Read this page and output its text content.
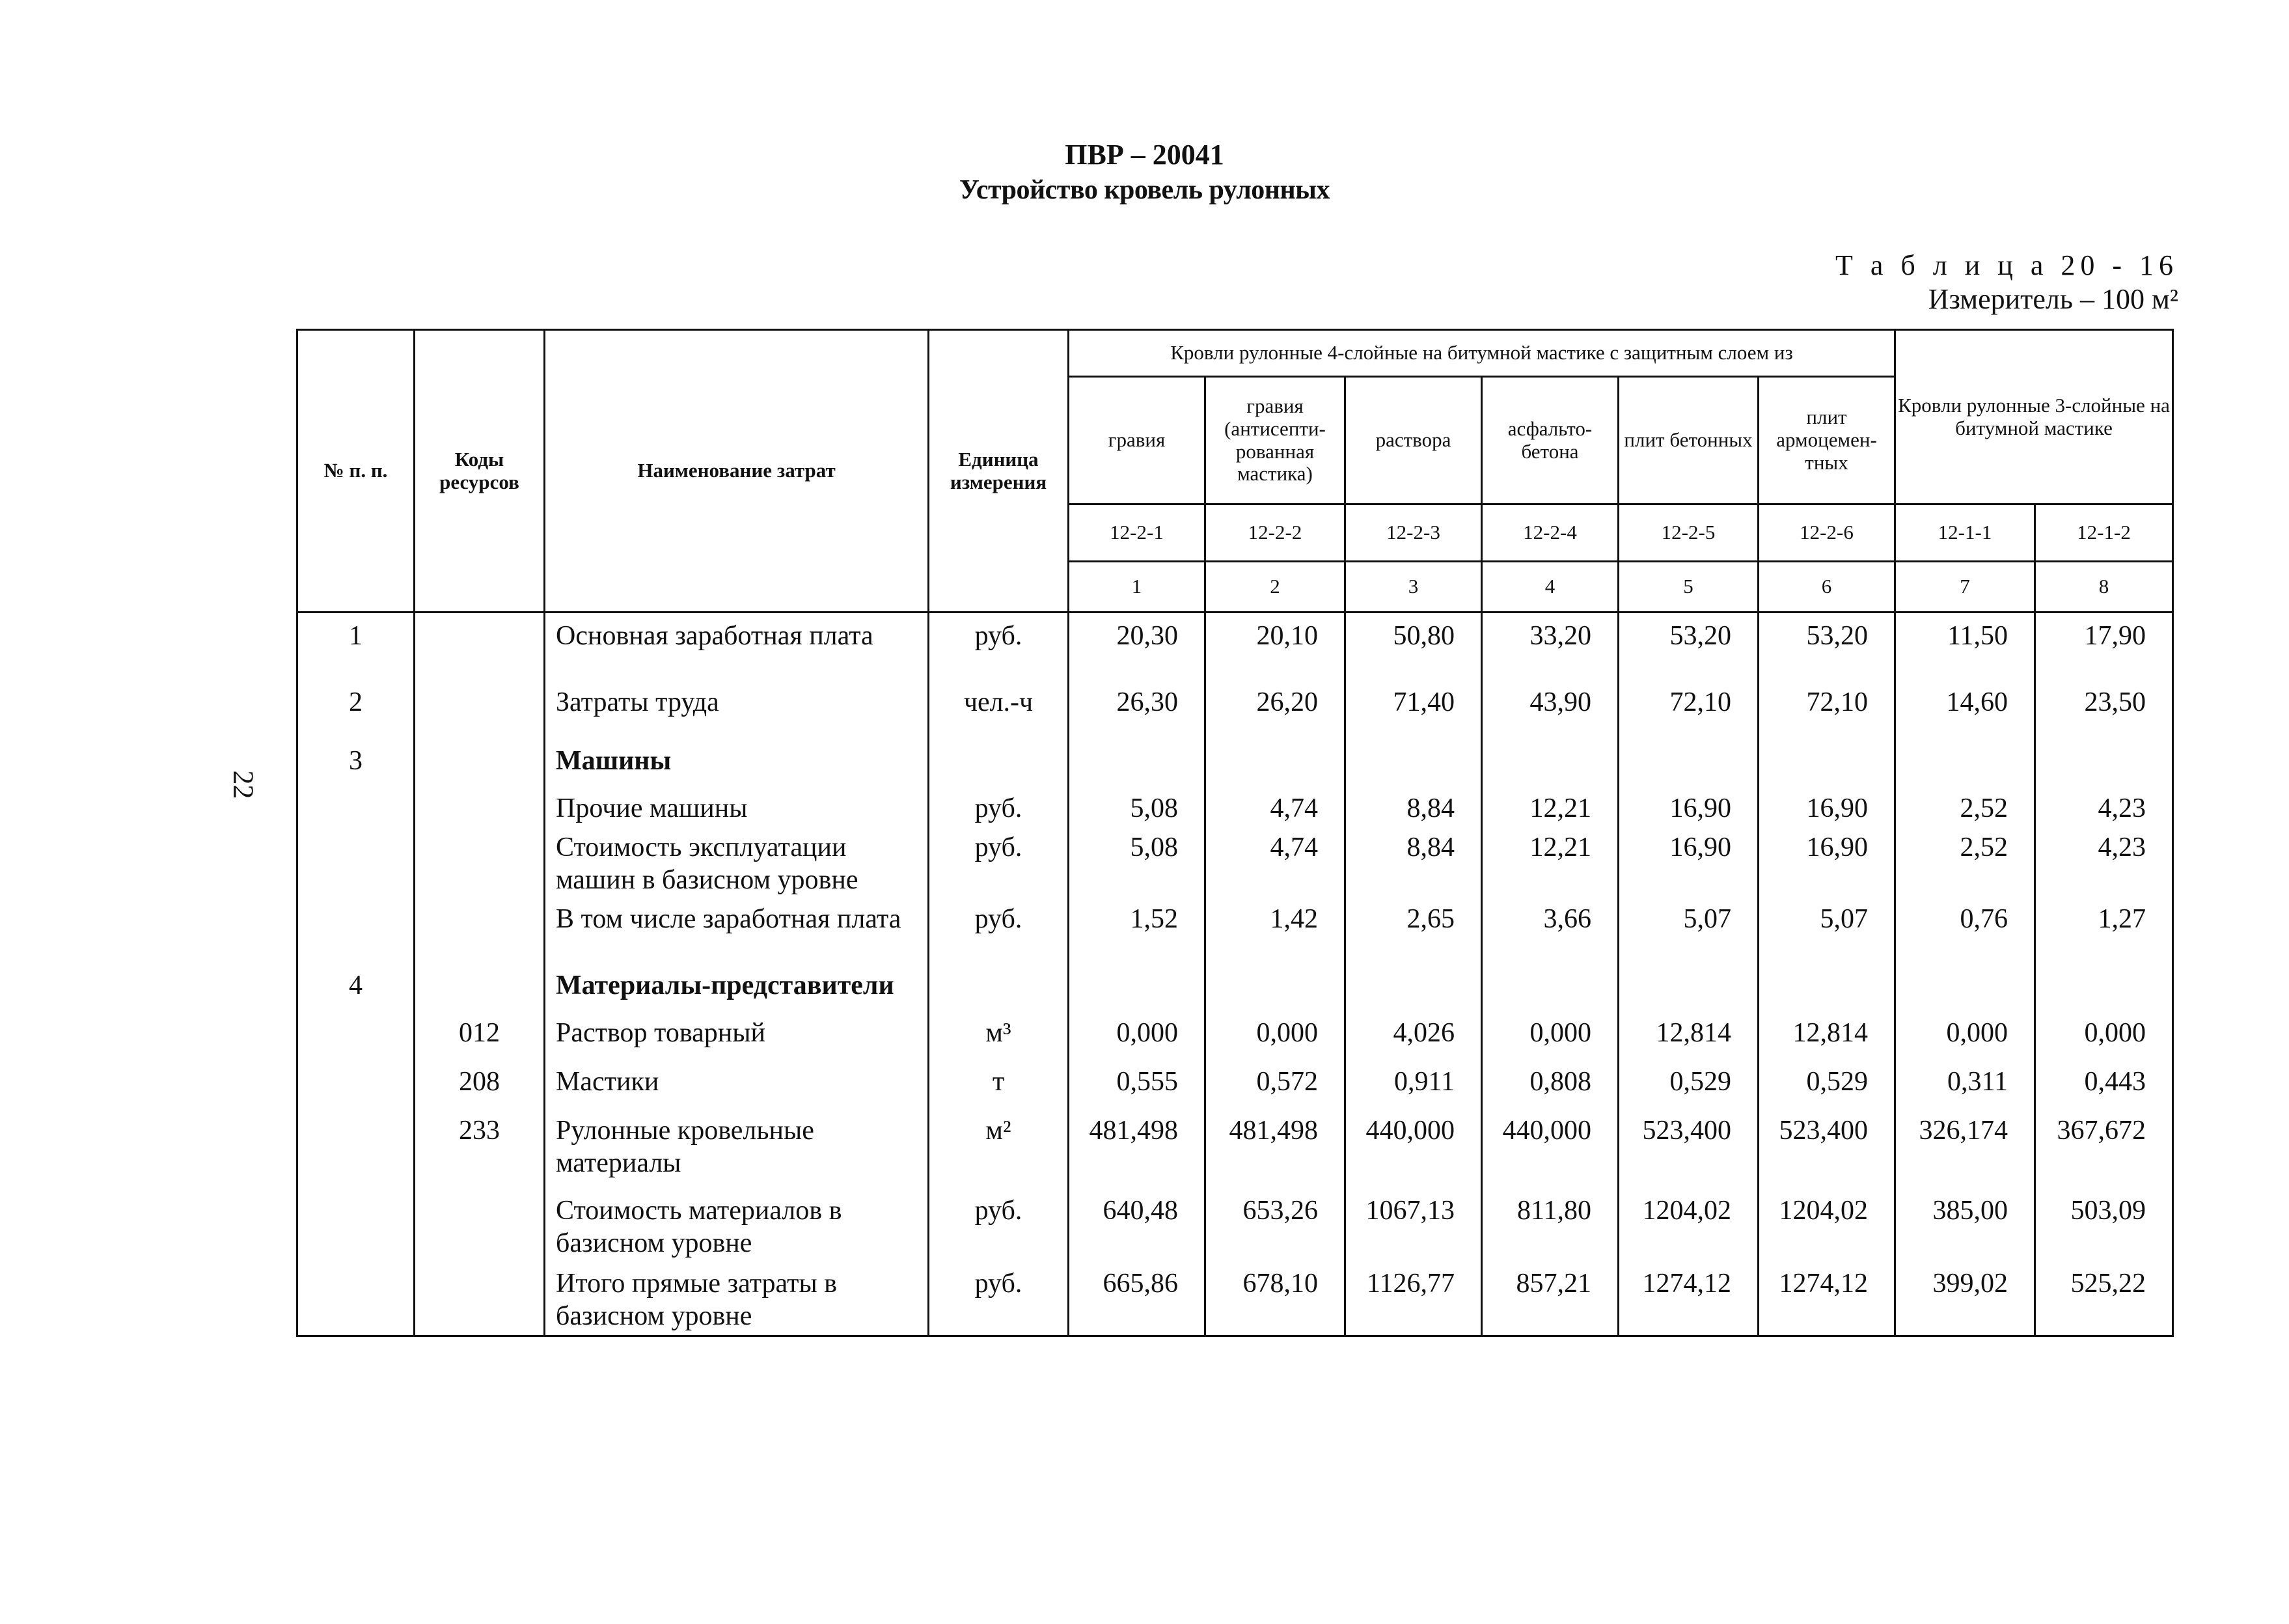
ПВР – 20041
Устройство кровель рулонных
Т а б л и ц а 20 - 16
Измеритель – 100 м²
22
№ п. п.	Коды ресурсов	Наименование затрат	Единица измерения	Кровли рулонные 4-слойные на битумной мастике с защитным слоем из						Кровли рулонные 3-слойные на битумной мастике	
				гравия	гравия (антисепти-рованная мастика)	раствора	асфальто-бетона	плит бетонных	плит армоцемен-тных		
				12-2-1	12-2-2	12-2-3	12-2-4	12-2-5	12-2-6	12-1-1	12-1-2
				1	2	3	4	5	6	7	8
1		Основная заработная плата	руб.	20,30	20,10	50,80	33,20	53,20	53,20	11,50	17,90
2		Затраты труда	чел.-ч	26,30	26,20	71,40	43,90	72,10	72,10	14,60	23,50
3		Машины									
		Прочие машины	руб.	5,08	4,74	8,84	12,21	16,90	16,90	2,52	4,23
		Стоимость эксплуатации машин в базисном уровне	руб.	5,08	4,74	8,84	12,21	16,90	16,90	2,52	4,23
		В том числе заработная плата	руб.	1,52	1,42	2,65	3,66	5,07	5,07	0,76	1,27
4		Материалы-представители									
	012	Раствор товарный	м³	0,000	0,000	4,026	0,000	12,814	12,814	0,000	0,000
	208	Мастики	т	0,555	0,572	0,911	0,808	0,529	0,529	0,311	0,443
	233	Рулонные кровельные материалы	м²	481,498	481,498	440,000	440,000	523,400	523,400	326,174	367,672
		Стоимость материалов в базисном уровне	руб.	640,48	653,26	1067,13	811,80	1204,02	1204,02	385,00	503,09
		Итого прямые затраты в базисном уровне	руб.	665,86	678,10	1126,77	857,21	1274,12	1274,12	399,02	525,22
